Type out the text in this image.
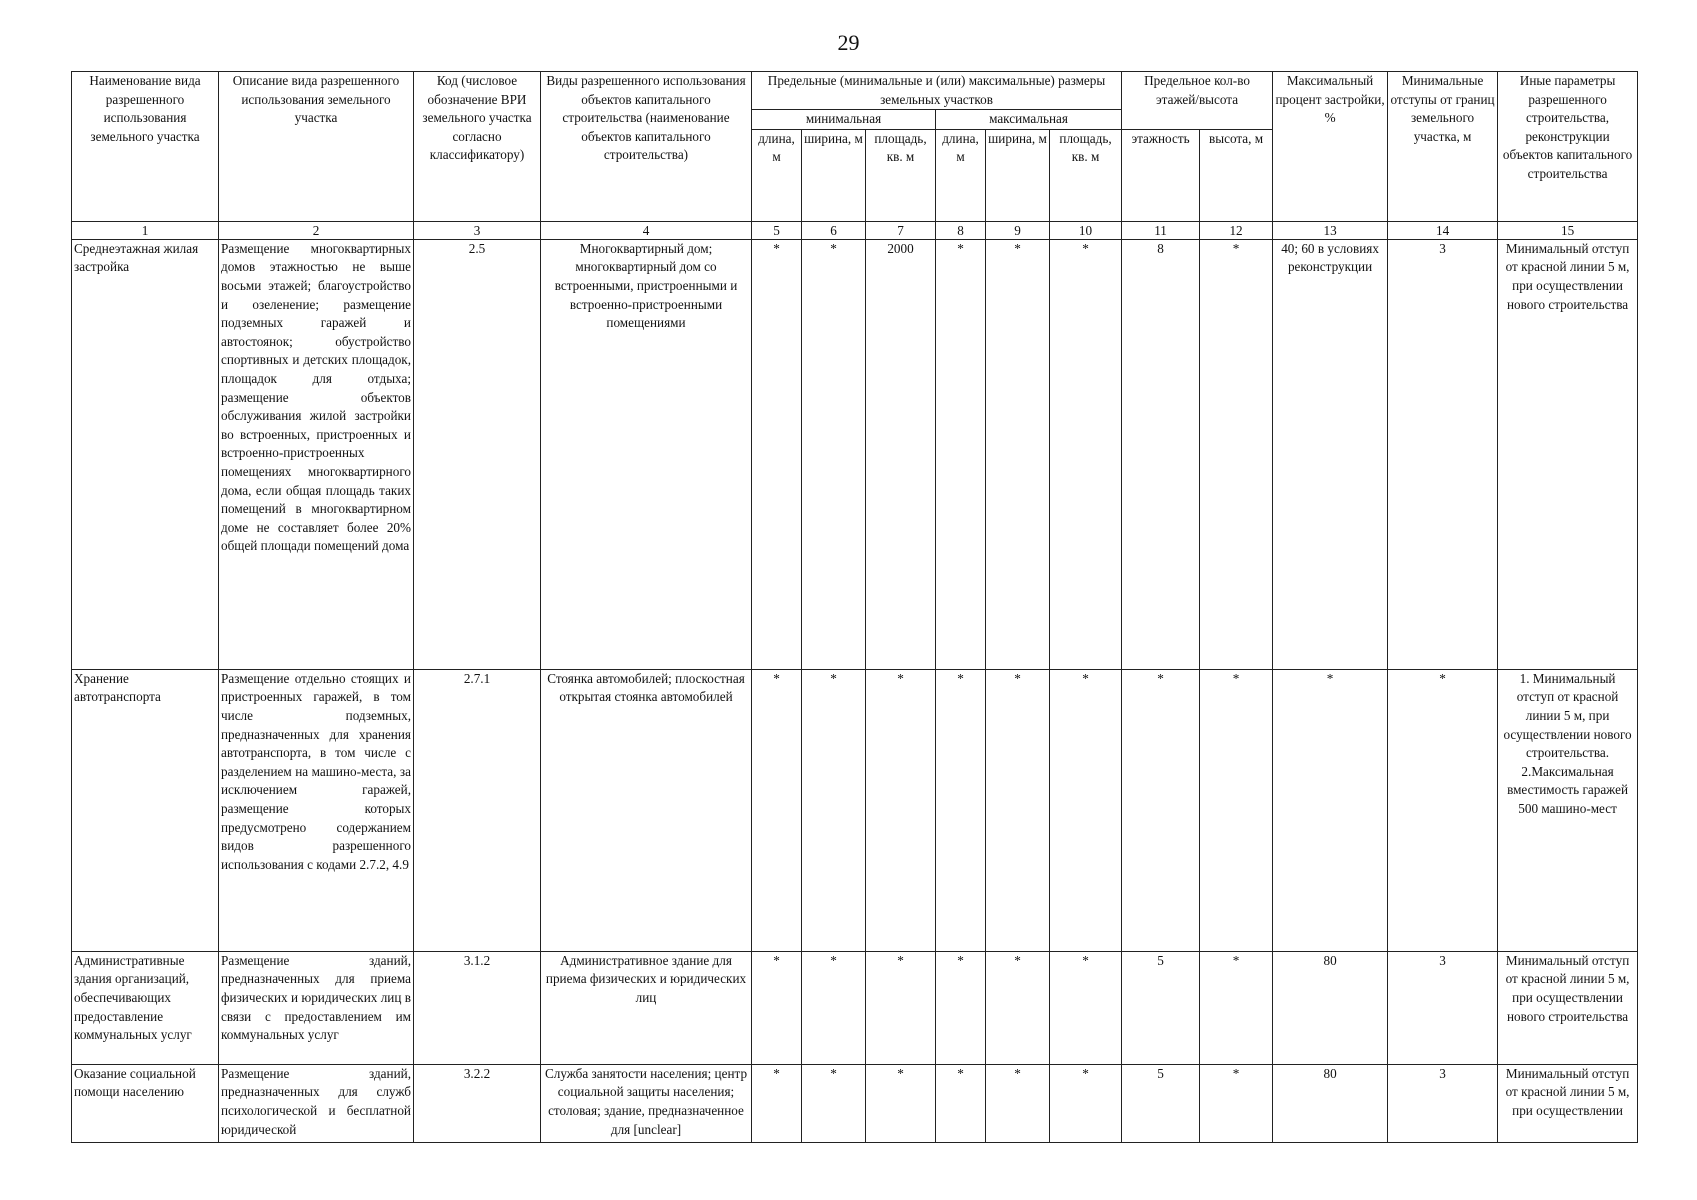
29
Наименование вида разрешенного использования земельного участка	Описание вида разрешенного использования земельного участка	Код (числовое обозначение ВРИ земельного участка согласно классификатору)	Виды разрешенного использования объектов капитального строительства (наименование объектов капитального строительства)	Предельные (минимальные и (или) максимальные) размеры земельных участков						Предельное кол-во этажей/высота		Максимальный процент застройки, %	Минимальные отступы от границ земельного участка, м	Иные параметры разрешенного строительства, реконструкции объектов капитального строительства
				минимальная			максимальная							
				длина, м	ширина, м	площадь, кв. м	длина, м	ширина, м	площадь, кв. м	этажность	высота, м			
1	2	3	4	5	6	7	8	9	10	11	12	13	14	15
Среднеэтажная жилая застройка	Размещение многоквартирных домов этажностью не выше восьми этажей; благоустройство и озеленение; размещение подземных гаражей и автостоянок; обустройство спортивных и детских площадок, площадок для отдыха; размещение объектов обслуживания жилой застройки во встроенных, пристроенных и встроенно-пристроенных помещениях многоквартирного дома, если общая площадь таких помещений в многоквартирном доме не составляет более 20% общей площади помещений дома	2.5	Многоквартирный дом; многоквартирный дом со встроенными, пристроенными и встроенно-пристроенными помещениями	*	*	2000	*	*	*	8	*	40; 60 в условиях реконструкции	3	Минимальный отступ от красной линии 5 м, при осуществлении нового строительства
Хранение автотранспорта	Размещение отдельно стоящих и пристроенных гаражей, в том числе подземных, предназначенных для хранения автотранспорта, в том числе с разделением на машино-места, за исключением гаражей, размещение которых предусмотрено содержанием видов разрешенного использования с кодами 2.7.2, 4.9	2.7.1	Стоянка автомобилей; плоскостная открытая стоянка автомобилей	*	*	*	*	*	*	*	*	*	*	1. Минимальный отступ от красной линии 5 м, при осуществлении нового строительства. 2.Максимальная вместимость гаражей 500 машино-мест
Административные здания организаций, обеспечивающих предоставление коммунальных услуг	Размещение зданий, предназначенных для приема физических и юридических лиц в связи с предоставлением им коммунальных услуг	3.1.2	Административное здание для приема физических и юридических лиц	*	*	*	*	*	*	5	*	80	3	Минимальный отступ от красной линии 5 м, при осуществлении нового строительства
Оказание социальной помощи населению	Размещение зданий, предназначенных для служб психологической и бесплатной юридической	3.2.2	Служба занятости населения; центр социальной защиты населения; столовая; здание, предназначенное для [unclear]	*	*	*	*	*	*	5	*	80	3	Минимальный отступ от красной линии 5 м, при осуществлении
